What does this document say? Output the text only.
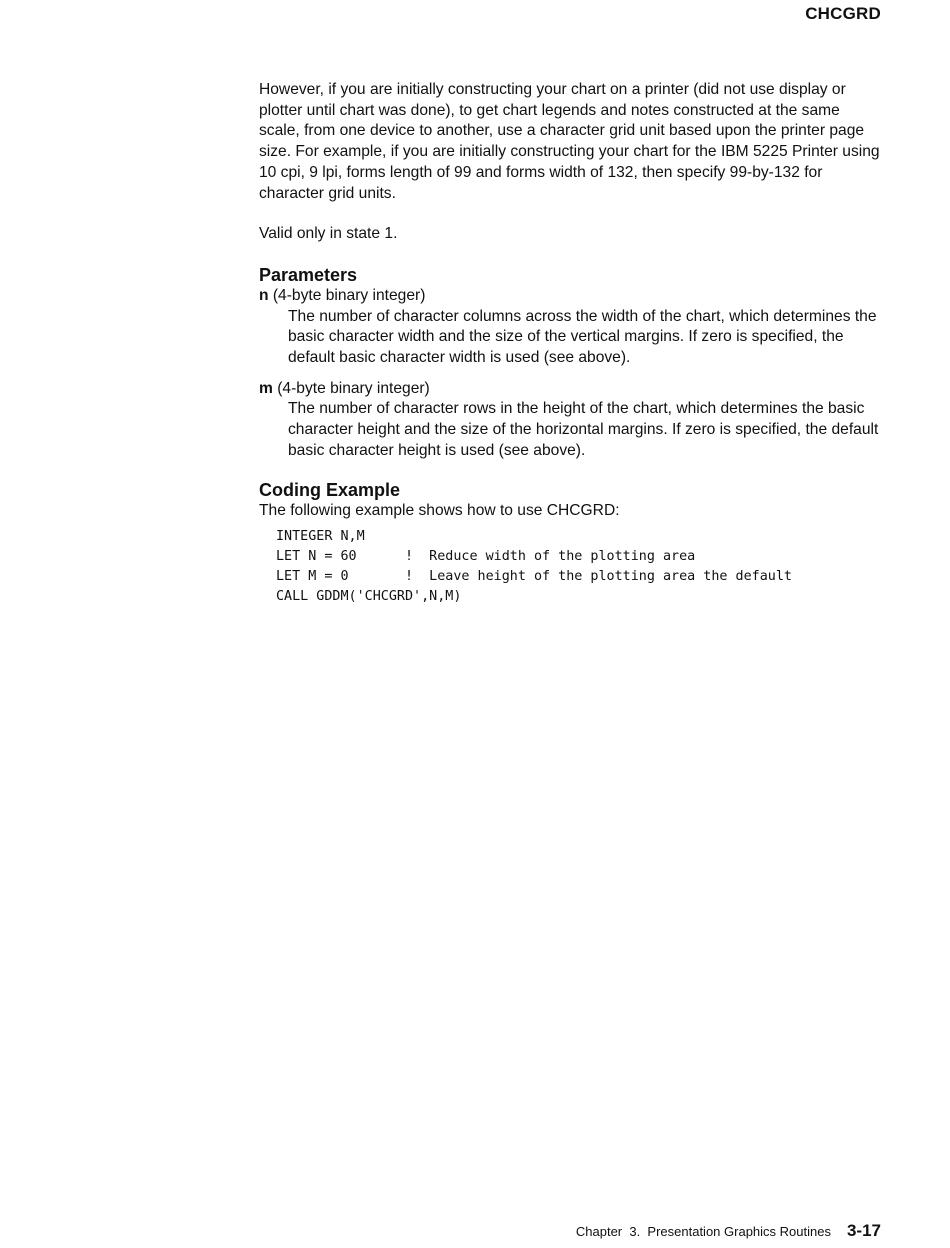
CHCGRD

However, if you are initially constructing your chart on a printer (did not use display or plotter until chart was done), to get chart legends and notes constructed at the same scale, from one device to another, use a character grid unit based upon the printer page size. For example, if you are initially constructing your chart for the IBM 5225 Printer using 10 cpi, 9 lpi, forms length of 99 and forms width of 132, then specify 99-by-132 for character grid units.

Valid only in state 1.

Parameters
n (4-byte binary integer)
The number of character columns across the width of the chart, which determines the basic character width and the size of the vertical margins. If zero is specified, the default basic character width is used (see above).
m (4-byte binary integer)
The number of character rows in the height of the chart, which determines the basic character height and the size of the horizontal margins. If zero is specified, the default basic character height is used (see above).
Coding Example

The following example shows how to use CHCGRD:

INTEGER N,M
LET N = 60      !  Reduce width of the plotting area
LET M = 0       !  Leave height of the plotting area the default
CALL GDDM('CHCGRD',N,M)
Chapter  3.  Presentation Graphics Routines 3-17
